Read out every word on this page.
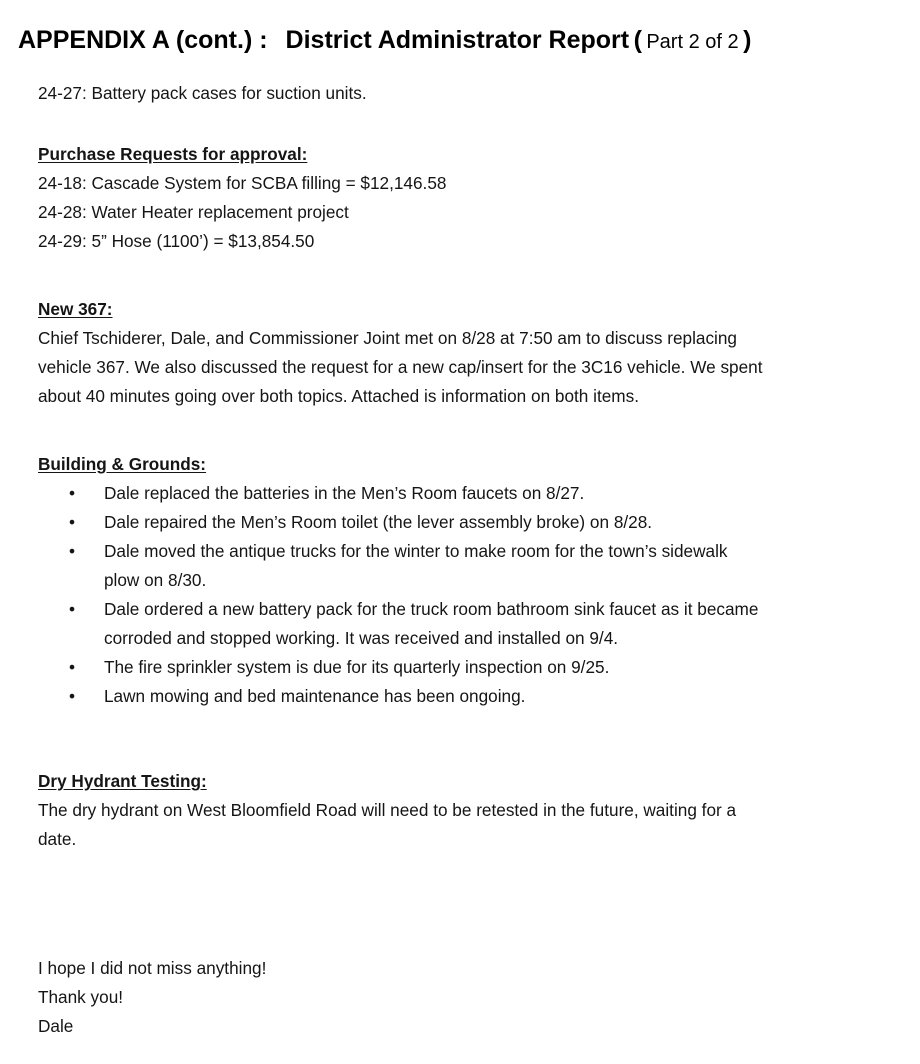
APPENDIX A (cont.) : District Administrator Report ( Part 2 of 2 )

24-27: Battery pack cases for suction units.

Purchase Requests for approval:

24-18: Cascade System for SCBA filling = $12,146.58

24-28: Water Heater replacement project

24-29: 5” Hose (1100’) = $13,854.50

New 367:

Chief Tschiderer, Dale, and Commissioner Joint met on 8/28 at 7:50 am to discuss replacing

vehicle 367. We also discussed the request for a new cap/insert for the 3C16 vehicle. We spent

about 40 minutes going over both topics. Attached is information on both items.

Building & Grounds:

• Dale replaced the batteries in the Men’s Room faucets on 8/27.

• Dale repaired the Men’s Room toilet (the lever assembly broke) on 8/28.

• Dale moved the antique trucks for the winter to make room for the town’s sidewalk

plow on 8/30.

• Dale ordered a new battery pack for the truck room bathroom sink faucet as it became

corroded and stopped working. It was received and installed on 9/4.

• The fire sprinkler system is due for its quarterly inspection on 9/25.

• Lawn mowing and bed maintenance has been ongoing.

Dry Hydrant Testing:

The dry hydrant on West Bloomfield Road will need to be retested in the future, waiting for a

date.

I hope I did not miss anything!

Thank you!

Dale
